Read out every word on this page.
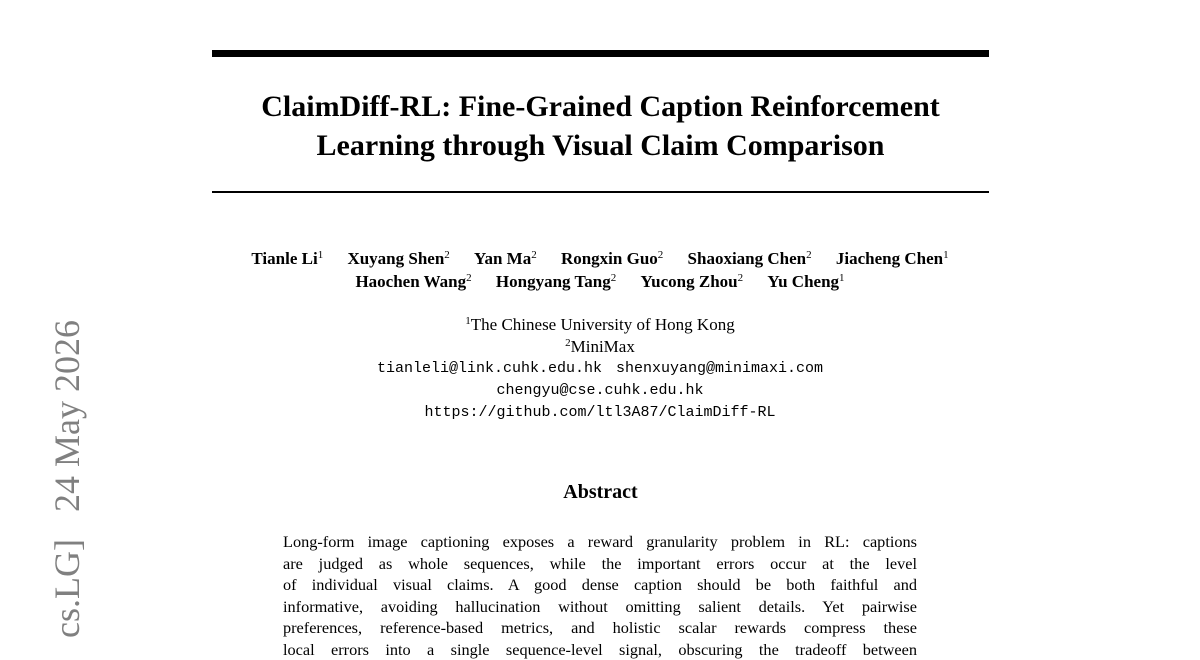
ClaimDiff-RL: Fine-Grained Caption Reinforcement
Learning through Visual Claim Comparison
Tianle Li$^1$ Xuyang Shen$^2$ Yan Ma$^2$ Rongxin Guo$^2$ Shaoxiang Chen$^2$ Jiacheng Chen$^1$
Haochen Wang$^2$ Hongyang Tang$^2$ Yucong Zhou$^2$ Yu Cheng$^1$
$^1$The Chinese University of Hong Kong
$^2$MiniMax
tianleli@link.cuhk.edu.hk shenxuyang@minimaxi.com
chengyu@cse.cuhk.edu.hk
https://github.com/ltl3A87/ClaimDiff-RL
Abstract
Long-form image captioning exposes a reward granularity problem in RL: captions
are judged as whole sequences, while the important errors occur at the level
of individual visual claims. A good dense caption should be both faithful and
informative, avoiding hallucination without omitting salient details. Yet pairwise
preferences, reference-based metrics, and holistic scalar rewards compress these
local errors into a single sequence-level signal, obscuring the tradeoff between
cs.LG]   24 May 2026
